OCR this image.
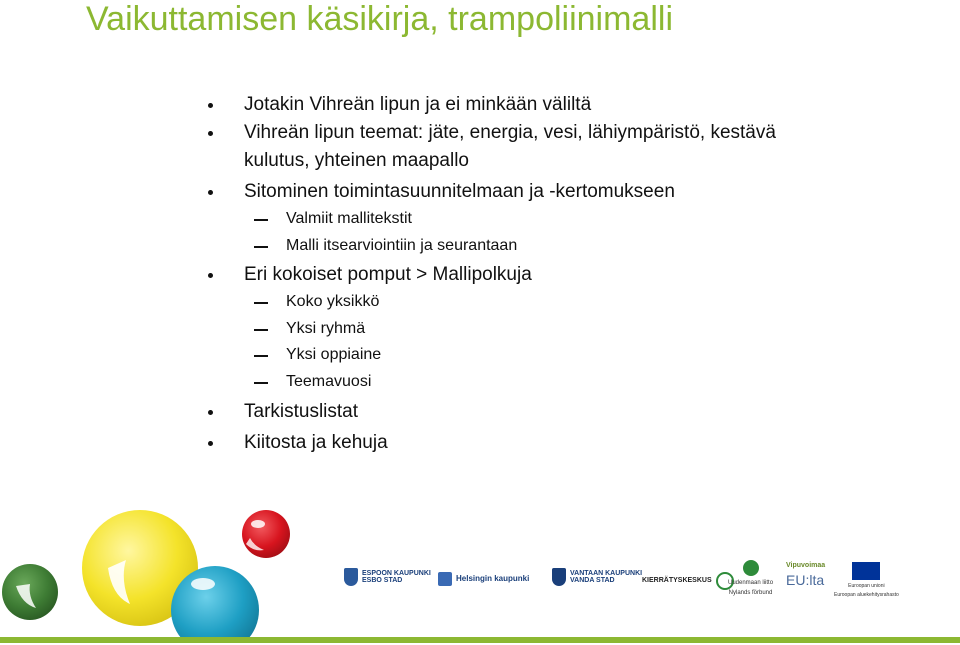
Vaikuttamisen käsikirja, trampoliinimalli
Jotakin Vihreän lipun ja ei minkään väliltä
Vihreän lipun teemat: jäte, energia, vesi, lähiympäristö, kestävä
kulutus, yhteinen maapallo
Sitominen toimintasuunnitelmaan ja -kertomukseen
Valmiit mallitekstit
Malli itsearviointiin ja seurantaan
Eri kokoiset pomput > Mallipolkuja
Koko yksikkö
Yksi ryhmä
Yksi oppiaine
Teemavuosi
Tarkistuslistat
Kiitosta ja kehuja
ESPOON KAUPUNKI
ESBO STAD	Helsingin kaupunki
VANTAAN KAUPUNKI
VANDA STAD	KIERRÄTYSKESKUS	Uudenmaan liitto
Nylands förbund
Vipuvoimaa
EU:lta	Euroopan unioni
Euroopan aluekehitysrahasto
